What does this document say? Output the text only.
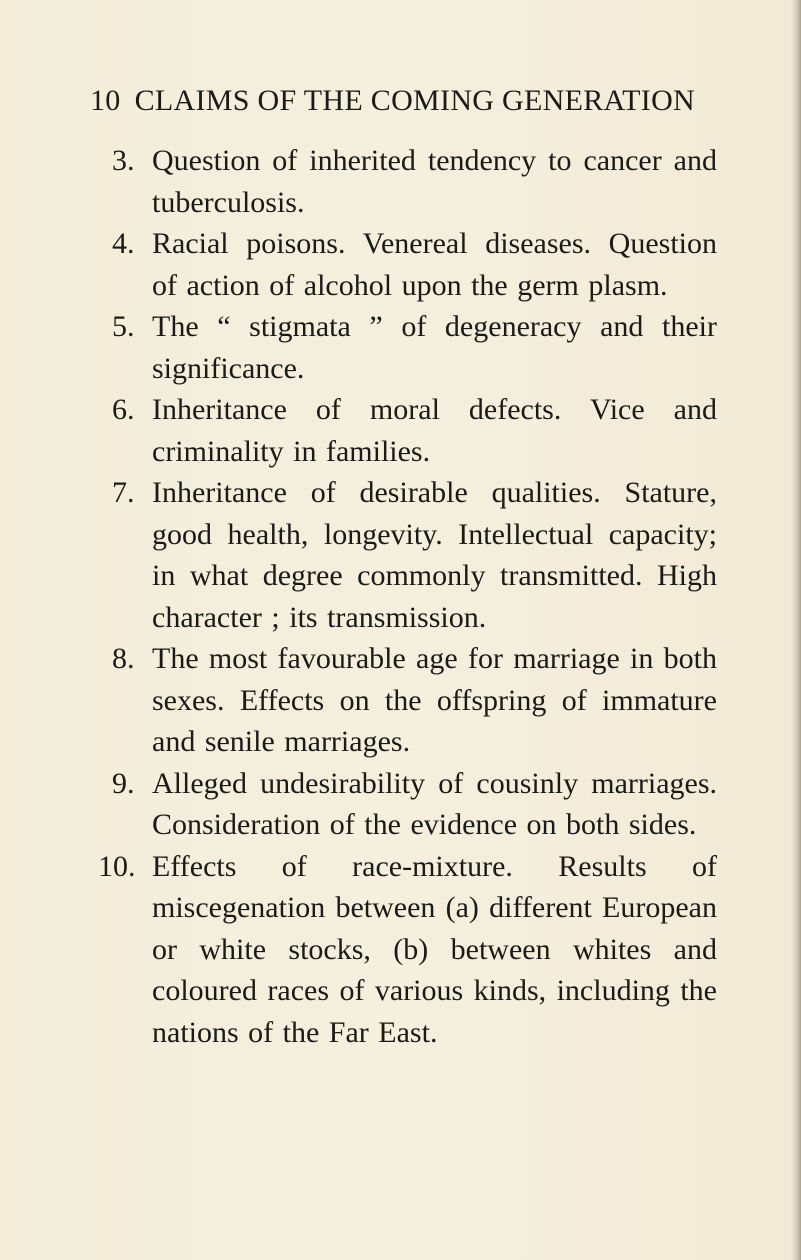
10 CLAIMS OF THE COMING GENERATION
3. Question of inherited tendency to cancer and tuberculosis.
4. Racial poisons. Venereal diseases. Question of action of alcohol upon the germ plasm.
5. The “ stigmata ” of degeneracy and their significance.
6. Inheritance of moral defects. Vice and criminality in families.
7. Inheritance of desirable qualities. Stature, good health, longevity. Intellectual capacity; in what degree commonly transmitted. High character ; its transmission.
8. The most favourable age for marriage in both sexes. Effects on the offspring of immature and senile marriages.
9. Alleged undesirability of cousinly marriages. Consideration of the evidence on both sides.
10. Effects of race-mixture. Results of miscegenation between (a) different European or white stocks, (b) between whites and coloured races of various kinds, including the nations of the Far East.
